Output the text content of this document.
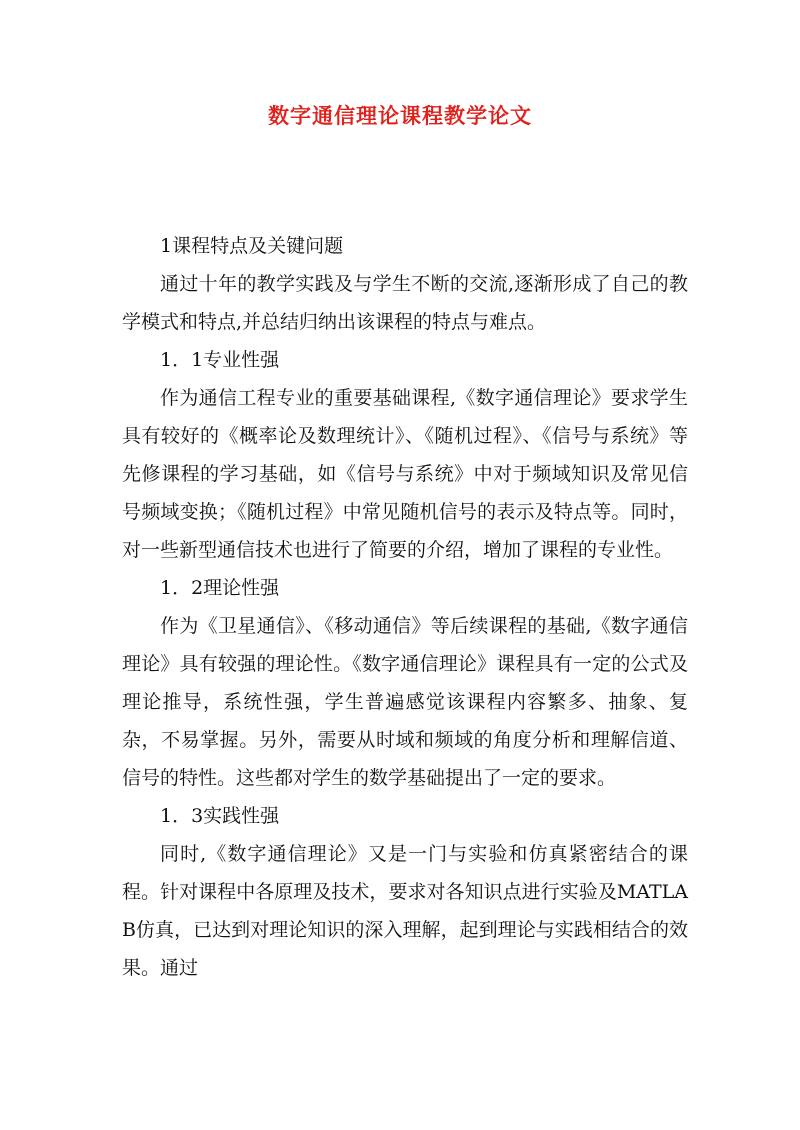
数字通信理论课程教学论文

1课程特点及关键问题

通过十年的教学实践及与学生不断的交流,逐渐形成了自己的教学模式和特点,并总结归纳出该课程的特点与难点。

1．1专业性强

作为通信工程专业的重要基础课程,《数字通信理论》要求学生具有较好的《概率论及数理统计》、《随机过程》、《信号与系统》等先修课程的学习基础，如《信号与系统》中对于频域知识及常见信号频域变换；《随机过程》中常见随机信号的表示及特点等。同时，对一些新型通信技术也进行了简要的介绍，增加了课程的专业性。

1．2理论性强

作为《卫星通信》、《移动通信》等后续课程的基础,《数字通信理论》具有较强的理论性。《数字通信理论》课程具有一定的公式及理论推导，系统性强，学生普遍感觉该课程内容繁多、抽象、复杂，不易掌握。另外，需要从时域和频域的角度分析和理解信道、信号的特性。这些都对学生的数学基础提出了一定的要求。

1．3实践性强

同时,《数字通信理论》又是一门与实验和仿真紧密结合的课程。针对课程中各原理及技术，要求对各知识点进行实验及MATLAB仿真，已达到对理论知识的深入理解，起到理论与实践相结合的效果。通过
